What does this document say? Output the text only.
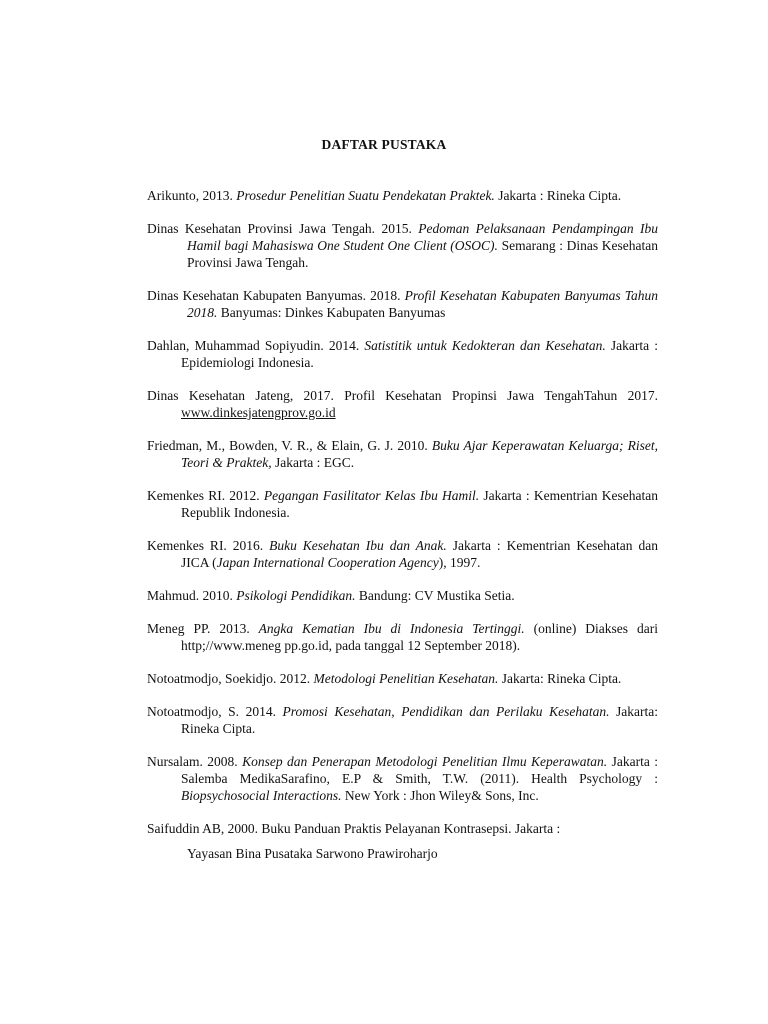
DAFTAR PUSTAKA

Arikunto, 2013. Prosedur Penelitian Suatu Pendekatan Praktek. Jakarta : Rineka Cipta.

Dinas Kesehatan Provinsi Jawa Tengah. 2015. Pedoman Pelaksanaan Pendampingan Ibu Hamil bagi Mahasiswa One Student One Client (OSOC). Semarang : Dinas Kesehatan Provinsi Jawa Tengah.

Dinas Kesehatan Kabupaten Banyumas. 2018. Profil Kesehatan Kabupaten Banyumas Tahun 2018. Banyumas: Dinkes Kabupaten Banyumas

Dahlan, Muhammad Sopiyudin. 2014. Satistitik untuk Kedokteran dan Kesehatan. Jakarta : Epidemiologi Indonesia.

Dinas Kesehatan Jateng, 2017. Profil Kesehatan Propinsi Jawa TengahTahun 2017. www.dinkesjatengprov.go.id

Friedman, M., Bowden, V. R., & Elain, G. J. 2010. Buku Ajar Keperawatan Keluarga; Riset, Teori & Praktek, Jakarta : EGC.

Kemenkes RI. 2012. Pegangan Fasilitator Kelas Ibu Hamil. Jakarta : Kementrian Kesehatan Republik Indonesia.

Kemenkes RI. 2016. Buku Kesehatan Ibu dan Anak. Jakarta : Kementrian Kesehatan dan JICA (Japan International Cooperation Agency), 1997.

Mahmud. 2010. Psikologi Pendidikan. Bandung: CV Mustika Setia.

Meneg PP. 2013. Angka Kematian Ibu di Indonesia Tertinggi. (online) Diakses dari http;//www.meneg pp.go.id, pada tanggal 12 September 2018).

Notoatmodjo, Soekidjo. 2012. Metodologi Penelitian Kesehatan. Jakarta: Rineka Cipta.

Notoatmodjo, S. 2014. Promosi Kesehatan, Pendidikan dan Perilaku Kesehatan. Jakarta: Rineka Cipta.

Nursalam. 2008. Konsep dan Penerapan Metodologi Penelitian Ilmu Keperawatan. Jakarta : Salemba MedikaSarafino, E.P & Smith, T.W. (2011). Health Psychology : Biopsychosocial Interactions. New York : Jhon Wiley& Sons, Inc.

Saifuddin AB, 2000. Buku Panduan Praktis Pelayanan Kontrasepsi. Jakarta :
Yayasan Bina Pusataka Sarwono Prawiroharjo
